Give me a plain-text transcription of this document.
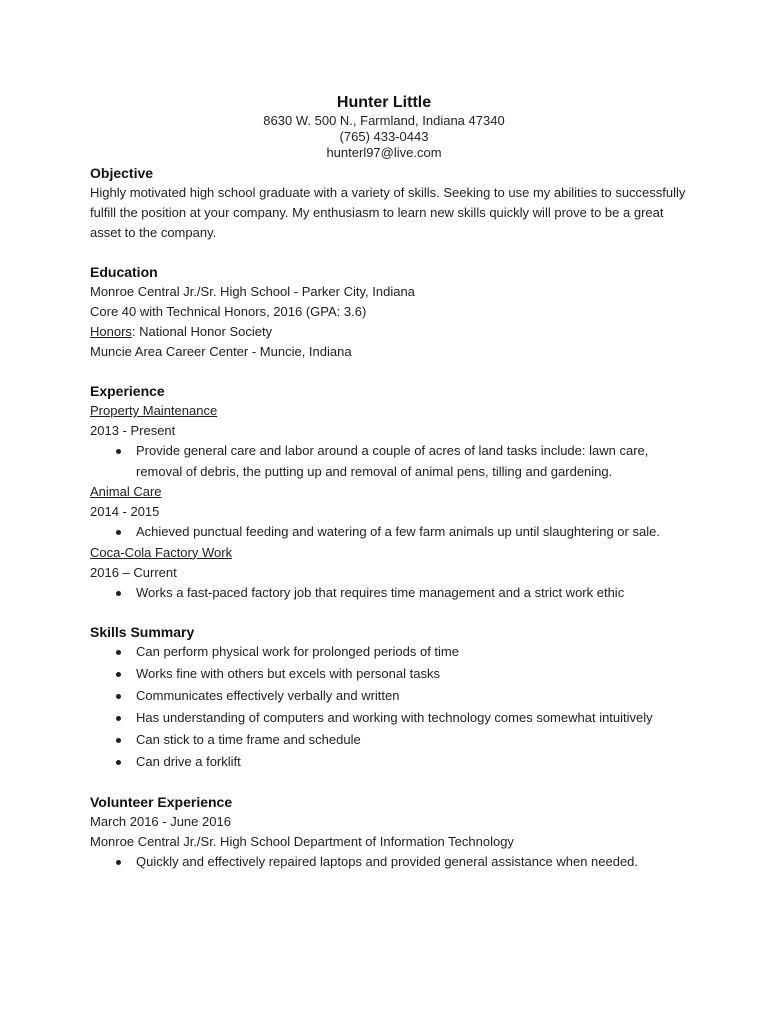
Hunter Little
8630 W. 500 N., Farmland, Indiana 47340
(765) 433-0443
hunterl97@live.com
Objective
Highly motivated high school graduate with a variety of skills. Seeking to use my abilities to successfully fulfill the position at your company. My enthusiasm to learn new skills quickly will prove to be a great asset to the company.
Education
Monroe Central Jr./Sr. High School - Parker City, Indiana
Core 40 with Technical Honors, 2016 (GPA: 3.6)
Honors: National Honor Society
Muncie Area Career Center - Muncie, Indiana
Experience
Property Maintenance
2013 - Present
Provide general care and labor around a couple of acres of land tasks include: lawn care, removal of debris, the putting up and removal of animal pens, tilling and gardening.
Animal Care
2014 - 2015
Achieved punctual feeding and watering of a few farm animals up until slaughtering or sale.
Coca-Cola Factory Work
2016 – Current
Works a fast-paced factory job that requires time management and a strict work ethic
Skills Summary
Can perform physical work for prolonged periods of time
Works fine with others but excels with personal tasks
Communicates effectively verbally and written
Has understanding of computers and working with technology comes somewhat intuitively
Can stick to a time frame and schedule
Can drive a forklift
Volunteer Experience
March 2016 - June 2016
Monroe Central Jr./Sr. High School Department of Information Technology
Quickly and effectively repaired laptops and provided general assistance when needed.
